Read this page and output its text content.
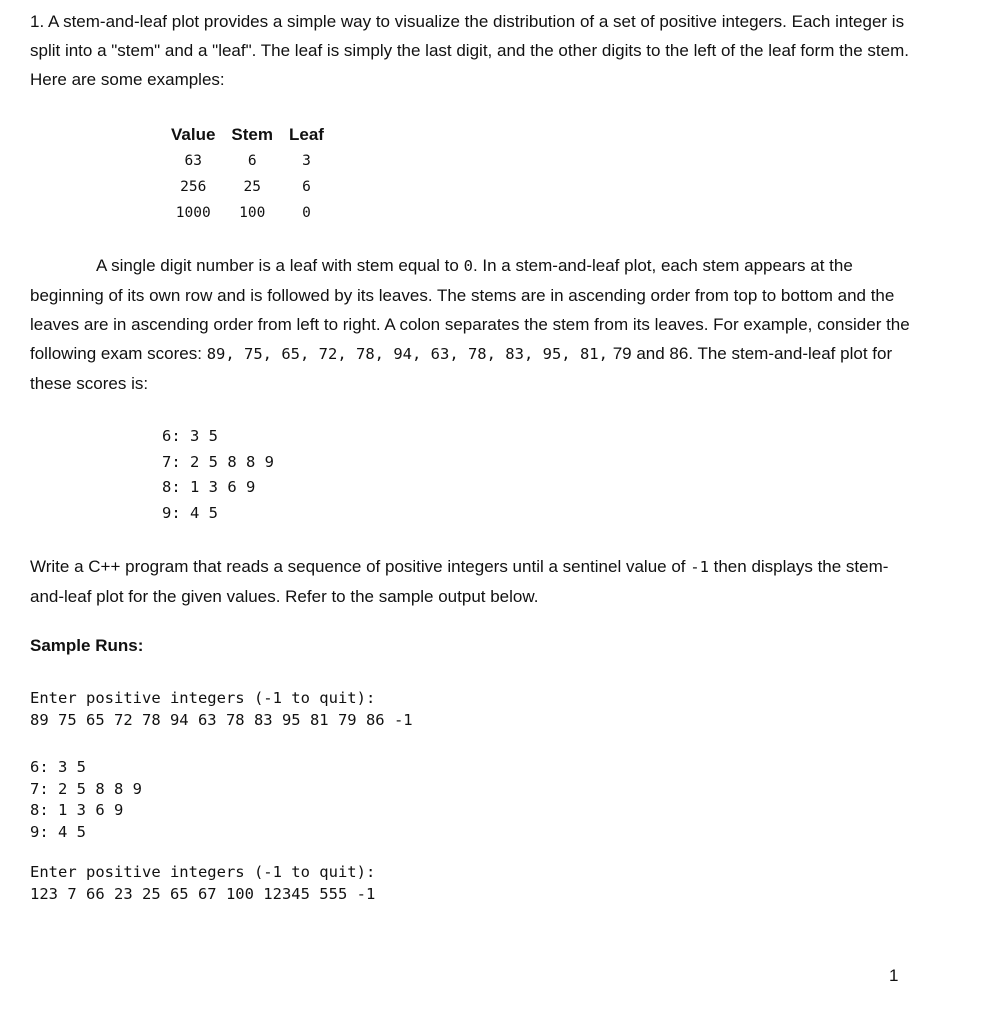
1. A stem-and-leaf plot provides a simple way to visualize the distribution of a set of positive integers. Each integer is split into a "stem" and a "leaf". The leaf is simply the last digit, and the other digits to the left of the leaf form the stem. Here are some examples:

Value	Stem	Leaf
63	6	3
256	25	6
1000	100	0

A single digit number is a leaf with stem equal to 0. In a stem-and-leaf plot, each stem appears at the beginning of its own row and is followed by its leaves. The stems are in ascending order from top to bottom and the leaves are in ascending order from left to right. A colon separates the stem from its leaves. For example, consider the following exam scores: 89, 75, 65, 72, 78, 94, 63, 78, 83, 95, 81, 79 and 86. The stem-and-leaf plot for these scores is:

6: 3 5
7: 2 5 8 8 9
8: 1 3 6 9
9: 4 5

Write a C++ program that reads a sequence of positive integers until a sentinel value of -1 then displays the stem-and-leaf plot for the given values. Refer to the sample output below.

Sample Runs:
Enter positive integers (-1 to quit):
89 75 65 72 78 94 63 78 83 95 81 79 86 -1
6: 3 5
7: 2 5 8 8 9
8: 1 3 6 9
9: 4 5
Enter positive integers (-1 to quit):
123 7 66 23 25 65 67 100 12345 555 -1
1
